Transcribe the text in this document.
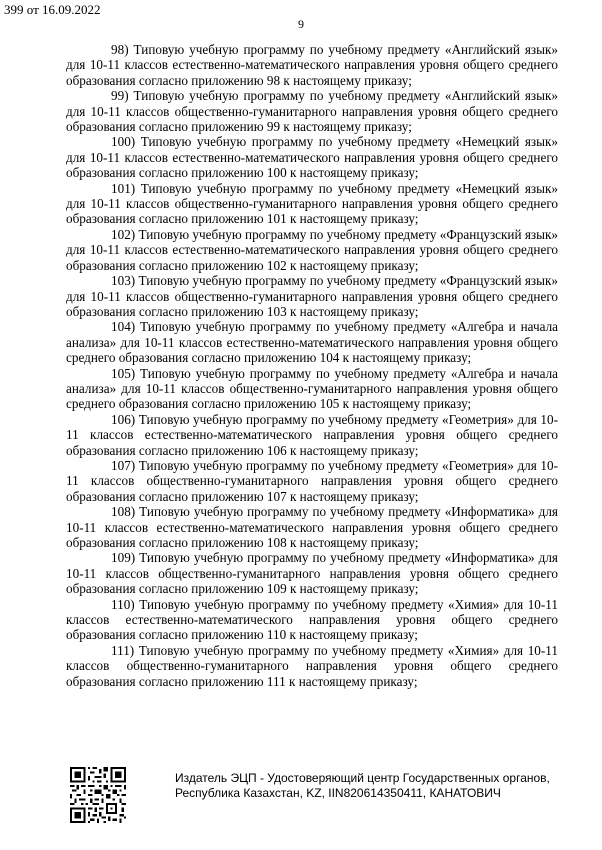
399 от 16.09.2022
9

98) Типовую учебную программу по учебному предмету «Английский язык» для 10-11 классов естественно-математического направления уровня общего среднего образования согласно приложению 98 к настоящему приказу;

99) Типовую учебную программу по учебному предмету «Английский язык» для 10-11 классов общественно-гуманитарного направления уровня общего среднего образования согласно приложению 99 к настоящему приказу;

100) Типовую учебную программу по учебному предмету «Немецкий язык» для 10-11 классов естественно-математического направления уровня общего среднего образования согласно приложению 100 к настоящему приказу;

101) Типовую учебную программу по учебному предмету «Немецкий язык» для 10-11 классов общественно-гуманитарного направления уровня общего среднего образования согласно приложению 101 к настоящему приказу;

102) Типовую учебную программу по учебному предмету «Французский язык» для 10-11 классов естественно-математического направления уровня общего среднего образования согласно приложению 102 к настоящему приказу;

103) Типовую учебную программу по учебному предмету «Французский язык» для 10-11 классов общественно-гуманитарного направления уровня общего среднего образования согласно приложению 103 к настоящему приказу;

104) Типовую учебную программу по учебному предмету «Алгебра и начала анализа» для 10-11 классов естественно-математического направления уровня общего среднего образования согласно приложению 104 к настоящему приказу;

105) Типовую учебную программу по учебному предмету «Алгебра и начала анализа» для 10-11 классов общественно-гуманитарного направления уровня общего среднего образования согласно приложению 105 к настоящему приказу;

106) Типовую учебную программу по учебному предмету «Геометрия» для 10-11 классов естественно-математического направления уровня общего среднего образования согласно приложению 106 к настоящему приказу;

107) Типовую учебную программу по учебному предмету «Геометрия» для 10-11 классов общественно-гуманитарного направления уровня общего среднего образования согласно приложению 107 к настоящему приказу;

108) Типовую учебную программу по учебному предмету «Информатика» для 10-11 классов естественно-математического направления уровня общего среднего образования согласно приложению 108 к настоящему приказу;

109) Типовую учебную программу по учебному предмету «Информатика» для 10-11 классов общественно-гуманитарного направления уровня общего среднего образования согласно приложению 109 к настоящему приказу;

110) Типовую учебную программу по учебному предмету «Химия» для 10-11 классов естественно-математического направления уровня общего среднего образования согласно приложению 110 к настоящему приказу;

111) Типовую учебную программу по учебному предмету «Химия» для 10-11 классов общественно-гуманитарного направления уровня общего среднего образования согласно приложению 111 к настоящему приказу;

Издатель ЭЦП - Удостоверяющий центр Государственных органов,
Республика Казахстан, KZ, IIN820614350411, КАНАТОВИЧ
